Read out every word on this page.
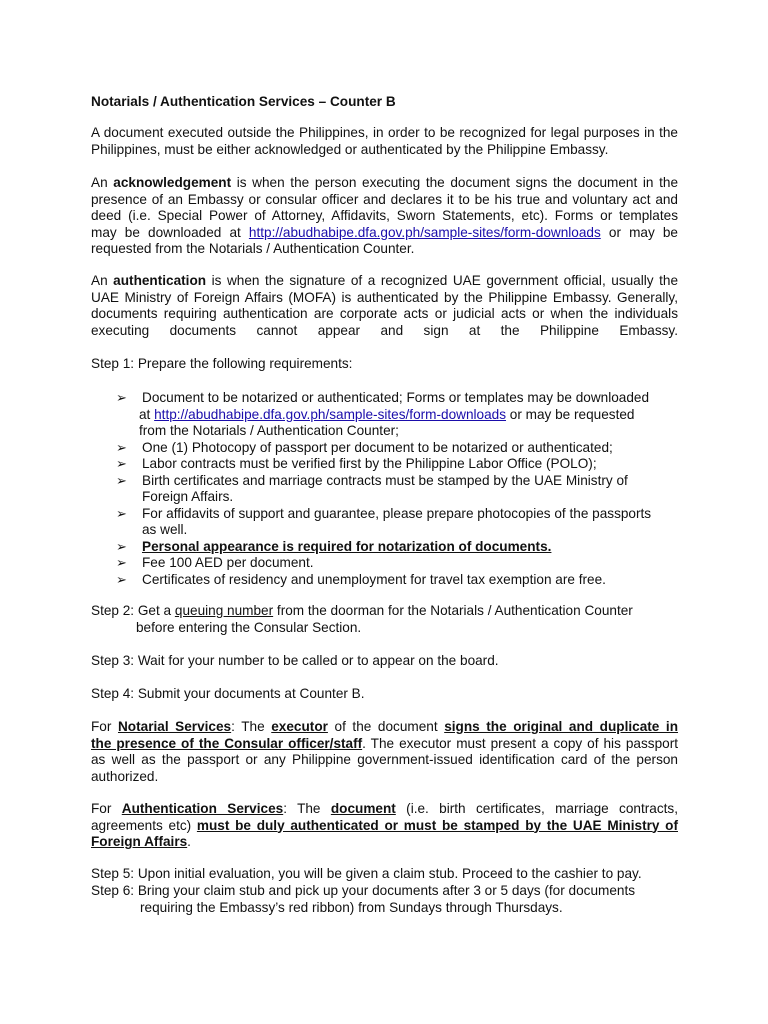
Notarials / Authentication Services – Counter B
A document executed outside the Philippines, in order to be recognized for legal purposes in the
Philippines, must be either acknowledged or authenticated by the Philippine Embassy.
An acknowledgement is when the person executing the document signs the document in the
presence of an Embassy or consular officer and declares it to be his true and voluntary act and
deed (i.e. Special Power of Attorney, Affidavits, Sworn Statements, etc). Forms or templates
may be downloaded at http://abudhabipe.dfa.gov.ph/sample-sites/form-downloads or may be
requested from the Notarials / Authentication Counter.
An authentication is when the signature of a recognized UAE government official, usually the
UAE Ministry of Foreign Affairs (MOFA) is authenticated by the Philippine Embassy. Generally,
documents requiring authentication are corporate acts or judicial acts or when the individuals
executing documents cannot appear and sign at the Philippine Embassy.
Step 1: Prepare the following requirements:
➢ Document to be notarized or authenticated; Forms or templates may be downloaded
at http://abudhabipe.dfa.gov.ph/sample-sites/form-downloads or may be requested
from the Notarials / Authentication Counter;
➢ One (1) Photocopy of passport per document to be notarized or authenticated;
➢ Labor contracts must be verified first by the Philippine Labor Office (POLO);
➢ Birth certificates and marriage contracts must be stamped by the UAE Ministry of
Foreign Affairs.
➢ For affidavits of support and guarantee, please prepare photocopies of the passports
as well.
➢ Personal appearance is required for notarization of documents.
➢ Fee 100 AED per document.
➢ Certificates of residency and unemployment for travel tax exemption are free.
Step 2: Get a queuing number from the doorman for the Notarials / Authentication Counter
before entering the Consular Section.
Step 3: Wait for your number to be called or to appear on the board.
Step 4: Submit your documents at Counter B.
For Notarial Services: The executor of the document signs the original and duplicate in
the presence of the Consular officer/staff. The executor must present a copy of his passport
as well as the passport or any Philippine government-issued identification card of the person
authorized.
For Authentication Services: The document (i.e. birth certificates, marriage contracts,
agreements etc) must be duly authenticated or must be stamped by the UAE Ministry of
Foreign Affairs.
Step 5: Upon initial evaluation, you will be given a claim stub. Proceed to the cashier to pay.
Step 6: Bring your claim stub and pick up your documents after 3 or 5 days (for documents
requiring the Embassy’s red ribbon) from Sundays through Thursdays.
